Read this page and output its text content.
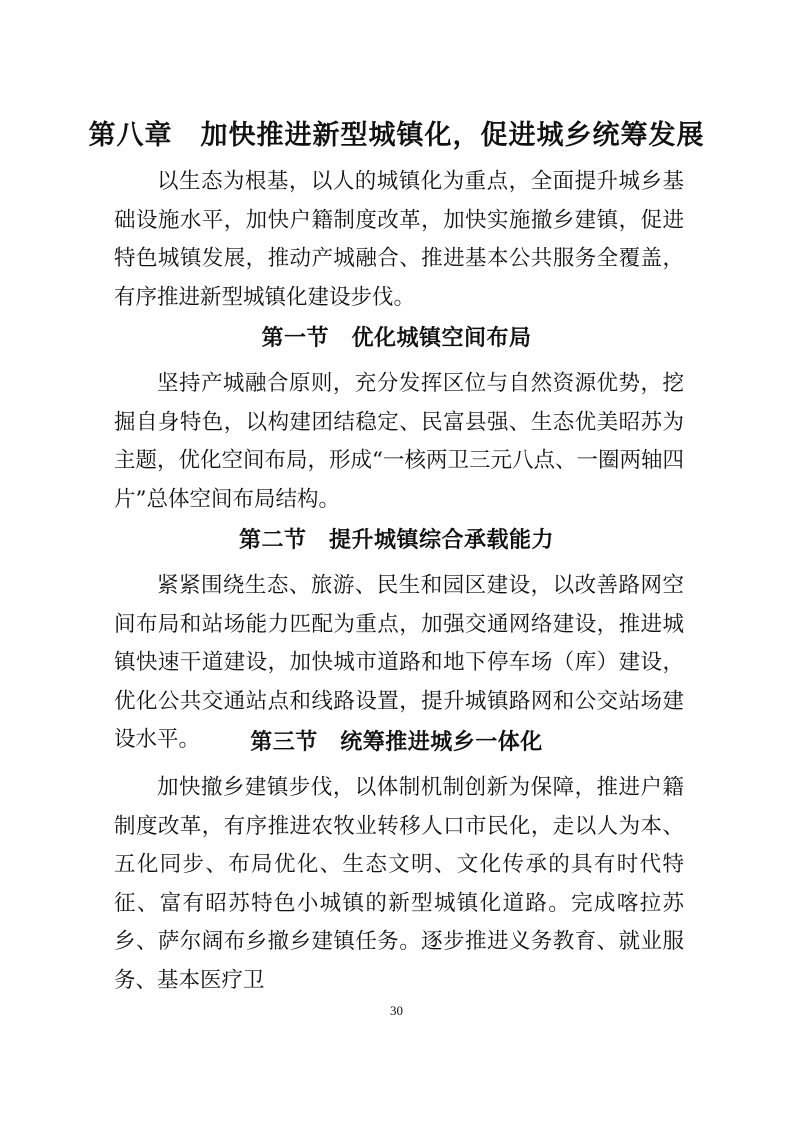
第八章　加快推进新型城镇化，促进城乡统筹发展
以生态为根基，以人的城镇化为重点，全面提升城乡基础设施水平，加快户籍制度改革，加快实施撤乡建镇，促进特色城镇发展，推动产城融合、推进基本公共服务全覆盖，有序推进新型城镇化建设步伐。
第一节　优化城镇空间布局
坚持产城融合原则，充分发挥区位与自然资源优势，挖掘自身特色，以构建团结稳定、民富县强、生态优美昭苏为主题，优化空间布局，形成“一核两卫三元八点、一圈两轴四片”总体空间布局结构。
第二节　提升城镇综合承载能力
紧紧围绕生态、旅游、民生和园区建设，以改善路网空间布局和站场能力匹配为重点，加强交通网络建设，推进城镇快速干道建设，加快城市道路和地下停车场（库）建设，优化公共交通站点和线路设置，提升城镇路网和公交站场建设水平。	第三节　统筹推进城乡一体化
加快撤乡建镇步伐，以体制机制创新为保障，推进户籍制度改革，有序推进农牧业转移人口市民化，走以人为本、五化同步、布局优化、生态文明、文化传承的具有时代特征、富有昭苏特色小城镇的新型城镇化道路。完成喀拉苏乡、萨尔阔布乡撤乡建镇任务。逐步推进义务教育、就业服务、基本医疗卫
30
